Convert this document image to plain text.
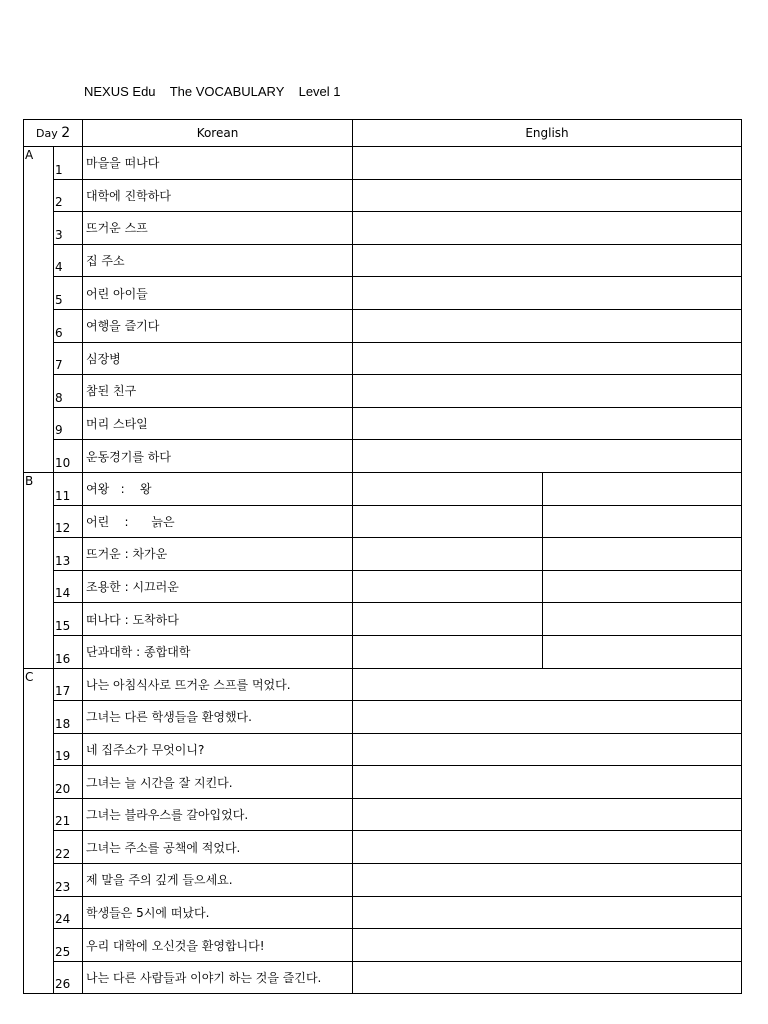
NEXUS Edu    The VOCABULARY    Level 1
Day 2		Korean	English	
A	1	마을을 떠나다		
	2	대학에 진학하다		
	3	뜨거운 스프		
	4	집 주소		
	5	어린 아이들		
	6	여행을 즐기다		
	7	심장병		
	8	참된 친구		
	9	머리 스타일		
	10	운동경기를 하다		
B	11	여왕   :    왕		
	12	어린    :      늙은		
	13	뜨거운 : 차가운		
	14	조용한 : 시끄러운		
	15	떠나다 : 도착하다		
	16	단과대학 : 종합대학		
C	17	나는 아침식사로 뜨거운 스프를 먹었다.		
	18	그녀는 다른 학생들을 환영했다.		
	19	네 집주소가 무엇이니?		
	20	그녀는 늘 시간을 잘 지킨다.		
	21	그녀는 블라우스를 갈아입었다.		
	22	그녀는 주소를 공책에 적었다.		
	23	제 말을 주의 깊게 들으세요.		
	24	학생들은 5시에 떠났다.		
	25	우리 대학에 오신것을 환영합니다!		
	26	나는 다른 사람들과 이야기 하는 것을 즐긴다.		
